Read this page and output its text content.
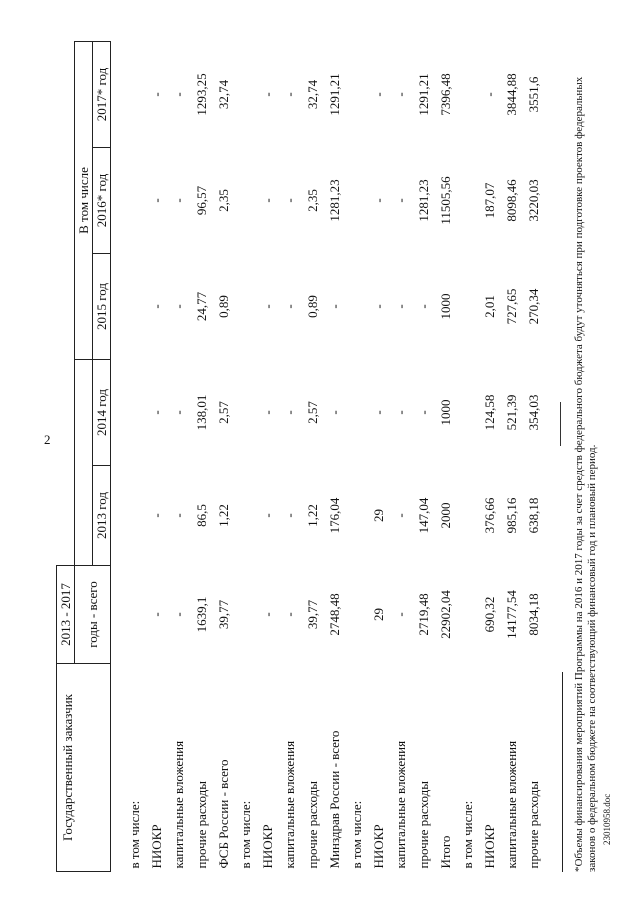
2
23010958.doc
Государственный заказчик	2013 - 2017					
	годы - всего			В том числе		
		2013 год	2014 год	2015 год	2016* год	2017* год

в том числе:						
НИОКР	-	-	-	-	-	-
капитальные вложения	-	-	-	-	-	-
прочие расходы	1639,1	86,5	138,01	24,77	96,57	1293,25
ФСБ России - всего	39,77	1,22	2,57	0,89	2,35	32,74
в том числе:						
НИОКР	-	-	-	-	-	-
капитальные вложения	-	-	-	-	-	-
прочие расходы	39,77	1,22	2,57	0,89	2,35	32,74
Минздрав России - всего	2748,48	176,04	-	-	1281,23	1291,21
в том числе:						
НИОКР	29	29	-	-	-	-
капитальные вложения	-	-	-	-	-	-
прочие расходы	2719,48	147,04	-	-	1281,23	1291,21
Итого	22902,04	2000	1000	1000	11505,56	7396,48
в том числе:						
НИОКР	690,32	376,66	124,58	2,01	187,07	-
капитальные вложения	14177,54	985,16	521,39	727,65	8098,46	3844,88
прочие расходы	8034,18	638,18	354,03	270,34	3220,03	3551,6	*Объемы финансирования мероприятий Программы на 2016 и 2017 годы за счет средств федерального бюджета будут уточняться при подготовке проектов федеральных законов о федеральном бюджете на соответствующий финансовый год и плановый период.
